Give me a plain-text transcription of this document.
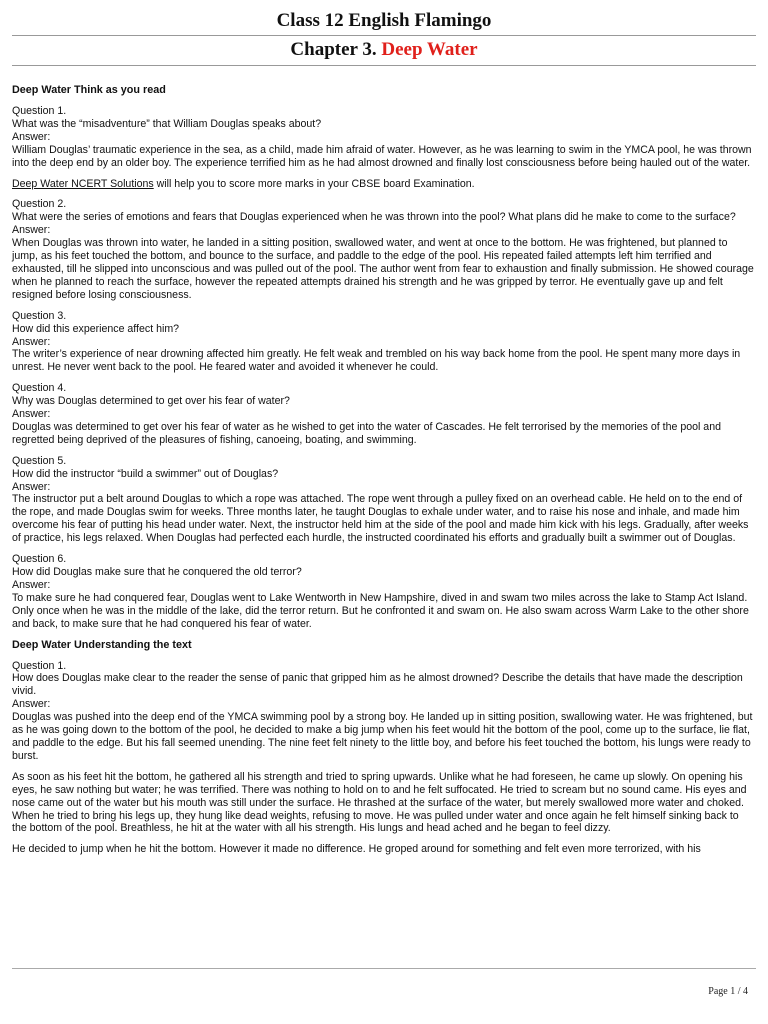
Class 12 English Flamingo
Chapter 3. Deep Water
Deep Water Think as you read

Question 1.
What was the “misadventure” that William Douglas speaks about?
Answer:
William Douglas’ traumatic experience in the sea, as a child, made him afraid of water. However, as he was learning to swim in the YMCA pool, he was thrown into the deep end by an older boy. The experience terrified him as he had almost drowned and finally lost consciousness before being hauled out of the water.

Deep Water NCERT Solutions will help you to score more marks in your CBSE board Examination.

Question 2.
What were the series of emotions and fears that Douglas experienced when he was thrown into the pool? What plans did he make to come to the surface?
Answer:
When Douglas was thrown into water, he landed in a sitting position, swallowed water, and went at once to the bottom. He was frightened, but planned to jump, as his feet touched the bottom, and bounce to the surface, and paddle to the edge of the pool. His repeated failed attempts left him terrified and exhausted, till he slipped into unconscious and was pulled out of the pool. The author went from fear to exhaustion and finally submission. He showed courage when he planned to reach the surface, however the repeated attempts drained his strength and he was gripped by terror. He eventually gave up and felt resigned before losing consciousness.

Question 3.
How did this experience affect him?
Answer:
The writer’s experience of near drowning affected him greatly. He felt weak and trembled on his way back home from the pool. He spent many more days in unrest. He never went back to the pool. He feared water and avoided it whenever he could.

Question 4.
Why was Douglas determined to get over his fear of water?
Answer:
Douglas was determined to get over his fear of water as he wished to get into the water of Cascades. He felt terrorised by the memories of the pool and regretted being deprived of the pleasures of fishing, canoeing, boating, and swimming.

Question 5.
How did the instructor “build a swimmer” out of Douglas?
Answer:
The instructor put a belt around Douglas to which a rope was attached. The rope went through a pulley fixed on an overhead cable. He held on to the end of the rope, and made Douglas swim for weeks. Three months later, he taught Douglas to exhale under water, and to raise his nose and inhale, and made him overcome his fear of putting his head under water. Next, the instructor held him at the side of the pool and made him kick with his legs. Gradually, after weeks of practice, his legs relaxed. When Douglas had perfected each hurdle, the instructed coordinated his efforts and gradually built a swimmer out of Douglas.

Question 6.
How did Douglas make sure that he conquered the old terror?
Answer:
To make sure he had conquered fear, Douglas went to Lake Wentworth in New Hampshire, dived in and swam two miles across the lake to Stamp Act Island. Only once when he was in the middle of the lake, did the terror return. But he confronted it and swam on. He also swam across Warm Lake to the other shore and back, to make sure that he had conquered his fear of water.

Deep Water Understanding the text

Question 1.
How does Douglas make clear to the reader the sense of panic that gripped him as he almost drowned? Describe the details that have made the description vivid.
Answer:
Douglas was pushed into the deep end of the YMCA swimming pool by a strong boy. He landed up in sitting position, swallowing water. He was frightened, but as he was going down to the bottom of the pool, he decided to make a big jump when his feet would hit the bottom of the pool, come up to the surface, lie flat, and paddle to the edge. But his fall seemed unending. The nine feet felt ninety to the little boy, and before his feet touched the bottom, his lungs were ready to burst.

As soon as his feet hit the bottom, he gathered all his strength and tried to spring upwards. Unlike what he had foreseen, he came up slowly. On opening his eyes, he saw nothing but water; he was terrified. There was nothing to hold on to and he felt suffocated. He tried to scream but no sound came. His eyes and nose came out of the water but his mouth was still under the surface. He thrashed at the surface of the water, but merely swallowed more water and choked. When he tried to bring his legs up, they hung like dead weights, refusing to move. He was pulled under water and once again he felt himself sinking back to the bottom of the pool. Breathless, he hit at the water with all his strength. His lungs and head ached and he began to feel dizzy.

He decided to jump when he hit the bottom. However it made no difference. He groped around for something and felt even more terrorized, with his

Page 1 / 4
